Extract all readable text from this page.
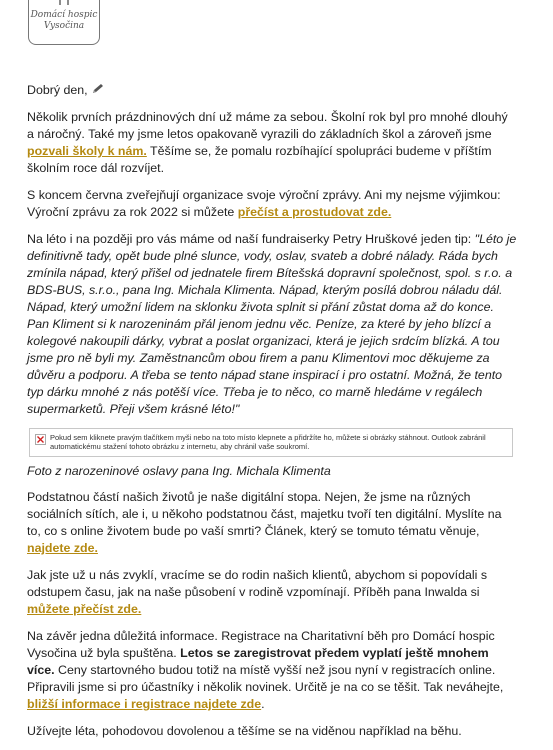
Domácí hospic
Vysočina

Dobrý den,

Několik prvních prázdninových dní už máme za sebou. Školní rok byl pro mnohé dlouhý a náročný. Také my jsme letos opakovaně vyrazili do základních škol a zároveň jsme pozvali školy k nám. Těšíme se, že pomalu rozbíhající spolupráci budeme v příštím školním roce dál rozvíjet.

S koncem června zveřejňují organizace svoje výroční zprávy. Ani my nejsme výjimkou: Výroční zprávu za rok 2022 si můžete přečíst a prostudovat zde.

Na léto i na později pro vás máme od naší fundraiserky Petry Hruškové jeden tip: "Léto je definitivně tady, opět bude plné slunce, vody, oslav, svateb a dobré nálady. Ráda bych zmínila nápad, který přišel od jednatele firem Bítešská dopravní společnost, spol. s r.o. a BDS-BUS, s.r.o., pana Ing. Michala Klimenta. Nápad, kterým posílá dobrou náladu dál. Nápad, který umožní lidem na sklonku života splnit si přání zůstat doma až do konce. Pan Kliment si k narozeninám přál jenom jednu věc. Peníze, za které by jeho blízcí a kolegové nakoupili dárky, vybrat a poslat organizaci, která je jejich srdcím blízká. A tou jsme pro ně byli my. Zaměstnancům obou firem a panu Klimentovi moc děkujeme za důvěru a podporu. A třeba se tento nápad stane inspirací i pro ostatní. Možná, že tento typ dárku mnohé z nás potěší více. Třeba je to něco, co marně hledáme v regálech supermarketů. Přeji všem krásné léto!"

Pokud sem kliknete pravým tlačítkem myši nebo na toto místo klepnete a přidržíte ho, můžete si obrázky stáhnout. Outlook zabránil automatickému stažení tohoto obrázku z internetu, aby chránil vaše soukromí.

Foto z narozeninové oslavy pana Ing. Michala Klimenta

Podstatnou částí našich životů je naše digitální stopa. Nejen, že jsme na různých sociálních sítích, ale i, u někoho podstatnou část, majetku tvoří ten digitální. Myslíte na to, co s online životem bude po vaší smrti? Článek, který se tomuto tématu věnuje, najdete zde.

Jak jste už u nás zvyklí, vracíme se do rodin našich klientů, abychom si popovídali s odstupem času, jak na naše působení v rodině vzpomínají. Příběh pana Inwalda si můžete přečíst zde.

Na závěr jedna důležitá informace. Registrace na Charitativní běh pro Domácí hospic Vysočina už byla spuštěna. Letos se zaregistrovat předem vyplatí ještě mnohem více. Ceny startovného budou totiž na místě vyšší než jsou nyní v registracích online. Připravili jsme si pro účastníky i několik novinek. Určitě je na co se těšit. Tak neváhejte, bližší informace i registrace najdete zde.

Užívejte léta, pohodovou dovolenou a těšíme se na viděnou například na běhu.
